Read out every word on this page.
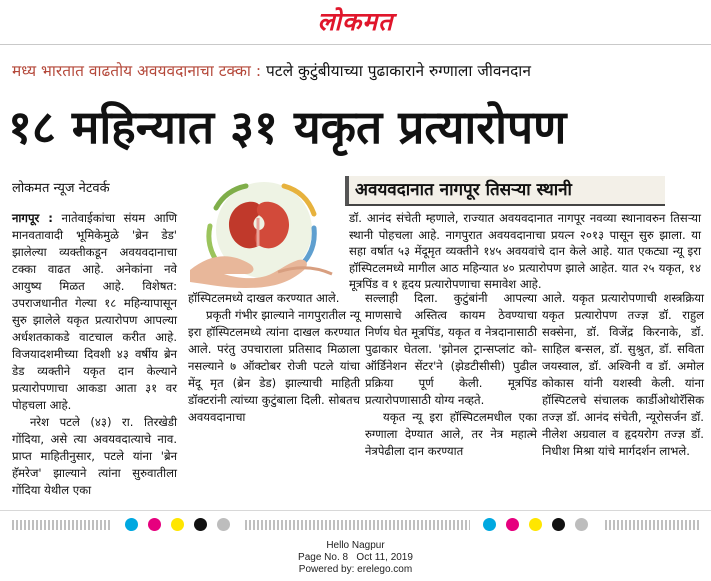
लोकमत
मध्य भारतात वाढतोय अवयवदानाचा टक्का : पटले कुटुंबीयाच्या पुढाकाराने रुग्णाला जीवनदान
१८ महिन्यात ३१ यकृत प्रत्यारोपण
लोकमत न्यूज नेटवर्क	अवयवदानात नागपूर तिसऱ्या स्थानी
डॉ. आनंद संचेती म्हणाले, राज्यात अवयवदानात नागपूर नवव्या स्थानावरुन तिसऱ्या स्थानी पोहचला आहे. नागपुरात अवयवदानाचा प्रयत्न २०१३ पासून सुरु झाला. या सहा वर्षात ५३ मेंदूमृत व्यक्तीने १४५ अवयवांचे दान केले आहे. यात एकट्या न्यू इरा हॉस्पिटलमध्ये मागील आठ महिन्यात ४० प्रत्यारोपण झाले आहेत. यात २५ यकृत, १४ मूत्रपिंड व १ हृदय प्रत्यारोपणाचा समावेश आहे.

नागपूर : नातेवाईकांचा संयम आणि मानवतावादी भूमिकेमुळे 'ब्रेन डेड' झालेल्या व्यक्तीकडून अवयवदानाचा टक्का वाढत आहे. अनेकांना नवे आयुष्य मिळत आहे. विशेषत: उपराजधानीत गेल्या १८ महिन्यापासून सुरु झालेले यकृत प्रत्यारोपण आपल्या अर्धशतकाकडे वाटचाल करीत आहे. विजयादशमीच्या दिवशी ४३ वर्षीय ब्रेन डेड व्यक्तीने यकृत दान केल्याने प्रत्यारोपणाचा आकडा आता ३१ वर पोहचला आहे.

नरेश पटले (४३) रा. तिरखेडी गोंदिया, असे त्या अवयवदात्याचे नाव. प्राप्त माहितीनुसार, पटले यांना 'ब्रेन हॅमरेज' झाल्याने त्यांना सुरुवातीला गोंदिया येथील एका

हॉस्पिटलमध्ये दाखल करण्यात आले.

प्रकृती गंभीर झाल्याने नागपुरातील न्यू इरा हॉस्पिटलमध्ये त्यांना दाखल करण्यात आले. परंतु उपचाराला प्रतिसाद मिळाला नसल्याने ७ ऑक्टोबर रोजी पटले यांचा मेंदू मृत (ब्रेन डेड) झाल्याची माहिती डॉक्टरांनी त्यांच्या कुटुंबाला दिली. सोबतच अवयवदानाचा

सल्लाही दिला. कुटुंबांनी आपल्या माणसाचे अस्तित्व कायम ठेवण्याचा निर्णय घेत मूत्रपिंड, यकृत व नेत्रदानासाठी पुढाकार घेतला. 'झोनल ट्रान्सप्लांट को-ऑर्डिनेशन सेंटर'ने (झेडटीसीसी) पुढील प्रक्रिया पूर्ण केली. मूत्रपिंड प्रत्यारोपणासाठी योग्य नव्हते.

यकृत न्यू इरा हॉस्पिटलमधील एका रुग्णाला देण्यात आले, तर नेत्र महात्मे नेत्रपेढीला दान करण्यात

आले. यकृत प्रत्यारोपणाची शस्त्रक्रिया यकृत प्रत्यारोपण तज्ज्ञ डॉ. राहुल सक्सेना, डॉ. विजेंद्र किरनाके, डॉ. साहिल बन्सल, डॉ. सुश्रुत, डॉ. सविता जयस्वाल, डॉ. अश्विनी व डॉ. अमोल कोकास यांनी यशस्वी केली. यांना हॉस्पिटलचे संचालक कार्डीओथोरॅसिक तज्ज्ञ डॉ. आनंद संचेती, न्यूरोसर्जन डॉ. नीलेश अग्रवाल व हृदयरोग तज्ज्ञ डॉ. निधीश मिश्रा यांचे मार्गदर्शन लाभले.

Hello Nagpur
Page No. 8   Oct 11, 2019
Powered by: erelego.com
